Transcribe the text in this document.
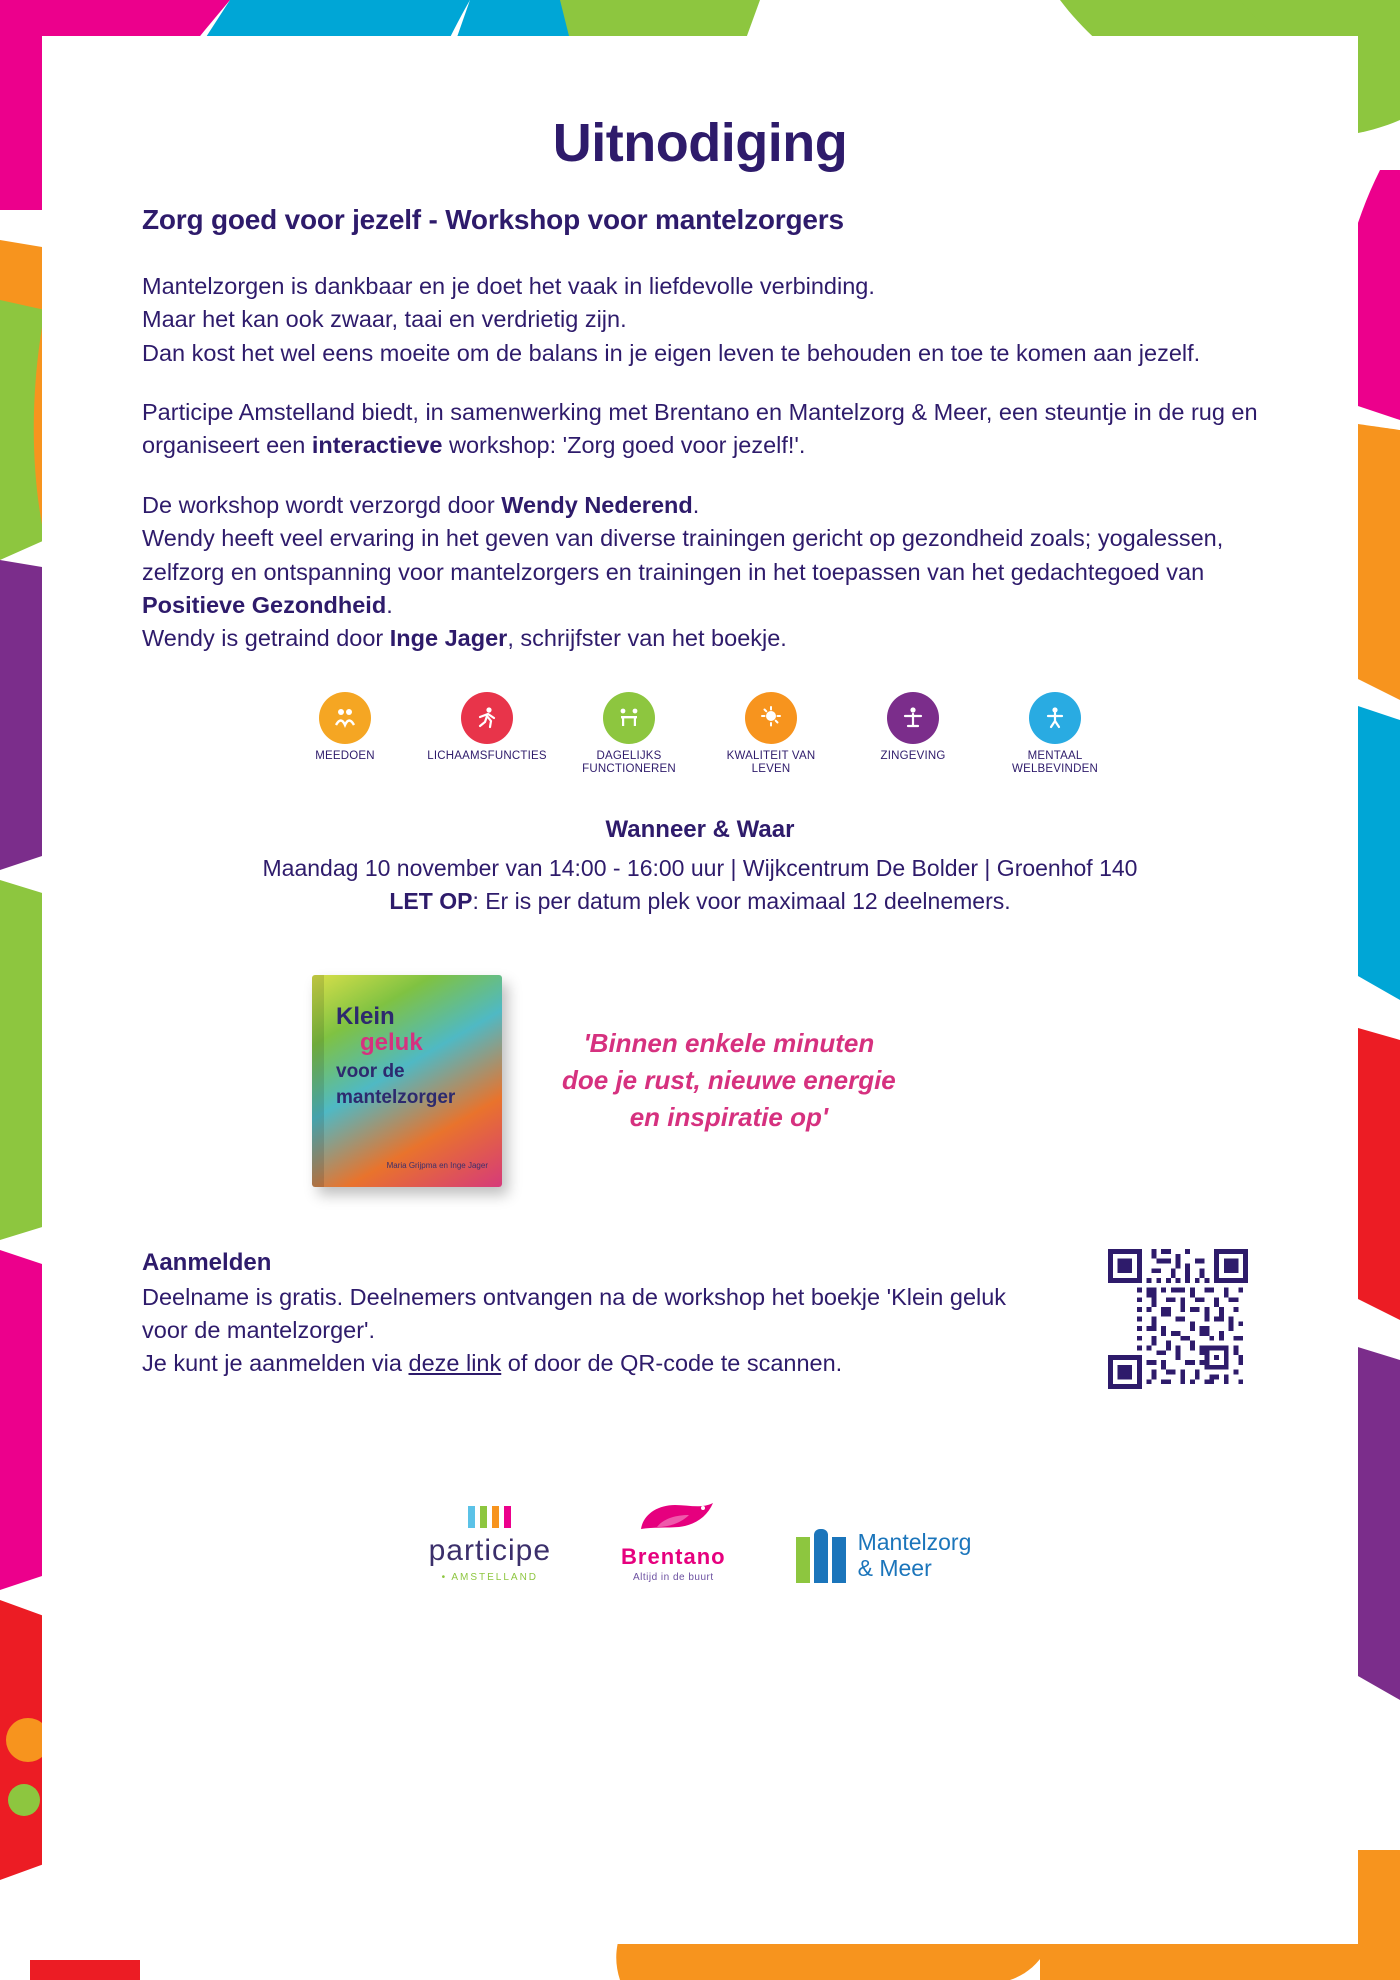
Uitnodiging
Zorg goed voor jezelf - Workshop voor mantelzorgers

Mantelzorgen is dankbaar en je doet het vaak in liefdevolle verbinding.
Maar het kan ook zwaar, taai en verdrietig zijn.
Dan kost het wel eens moeite om de balans in je eigen leven te behouden en toe te komen aan jezelf.

Participe Amstelland biedt, in samenwerking met Brentano en Mantelzorg & Meer, een steuntje in de rug en organiseert een interactieve workshop: 'Zorg goed voor jezelf!'.

De workshop wordt verzorgd door Wendy Nederend.
Wendy heeft veel ervaring in het geven van diverse trainingen gericht op gezondheid zoals; yogalessen, zelfzorg en ontspanning voor mantelzorgers en trainingen in het toepassen van het gedachtegoed van Positieve Gezondheid.
Wendy is getraind door Inge Jager, schrijfster van het boekje.

MEEDOEN	LICHAAMSFUNCTIES	DAGELIJKS FUNCTIONEREN
KWALITEIT VAN LEVEN
ZINGEVING	MENTAAL WELBEVINDEN
Wanneer & Waar
Maandag 10 november van 14:00 - 16:00 uur | Wijkcentrum De Bolder | Groenhof 140
LET OP: Er is per datum plek voor maximaal 12 deelnemers.
Klein
geluk
voor de
mantelzorger
Maria Grijpma en Inge Jager
'Binnen enkele minuten
doe je rust, nieuwe energie
en inspiratie op'
Aanmelden
Deelname is gratis. Deelnemers ontvangen na de workshop het boekje 'Klein geluk voor de mantelzorger'.
Je kunt je aanmelden via deze link of door de QR-code te scannen.
participe
• AMSTELLAND
Brentano
Altijd in de buurt
Mantelzorg
& Meer
